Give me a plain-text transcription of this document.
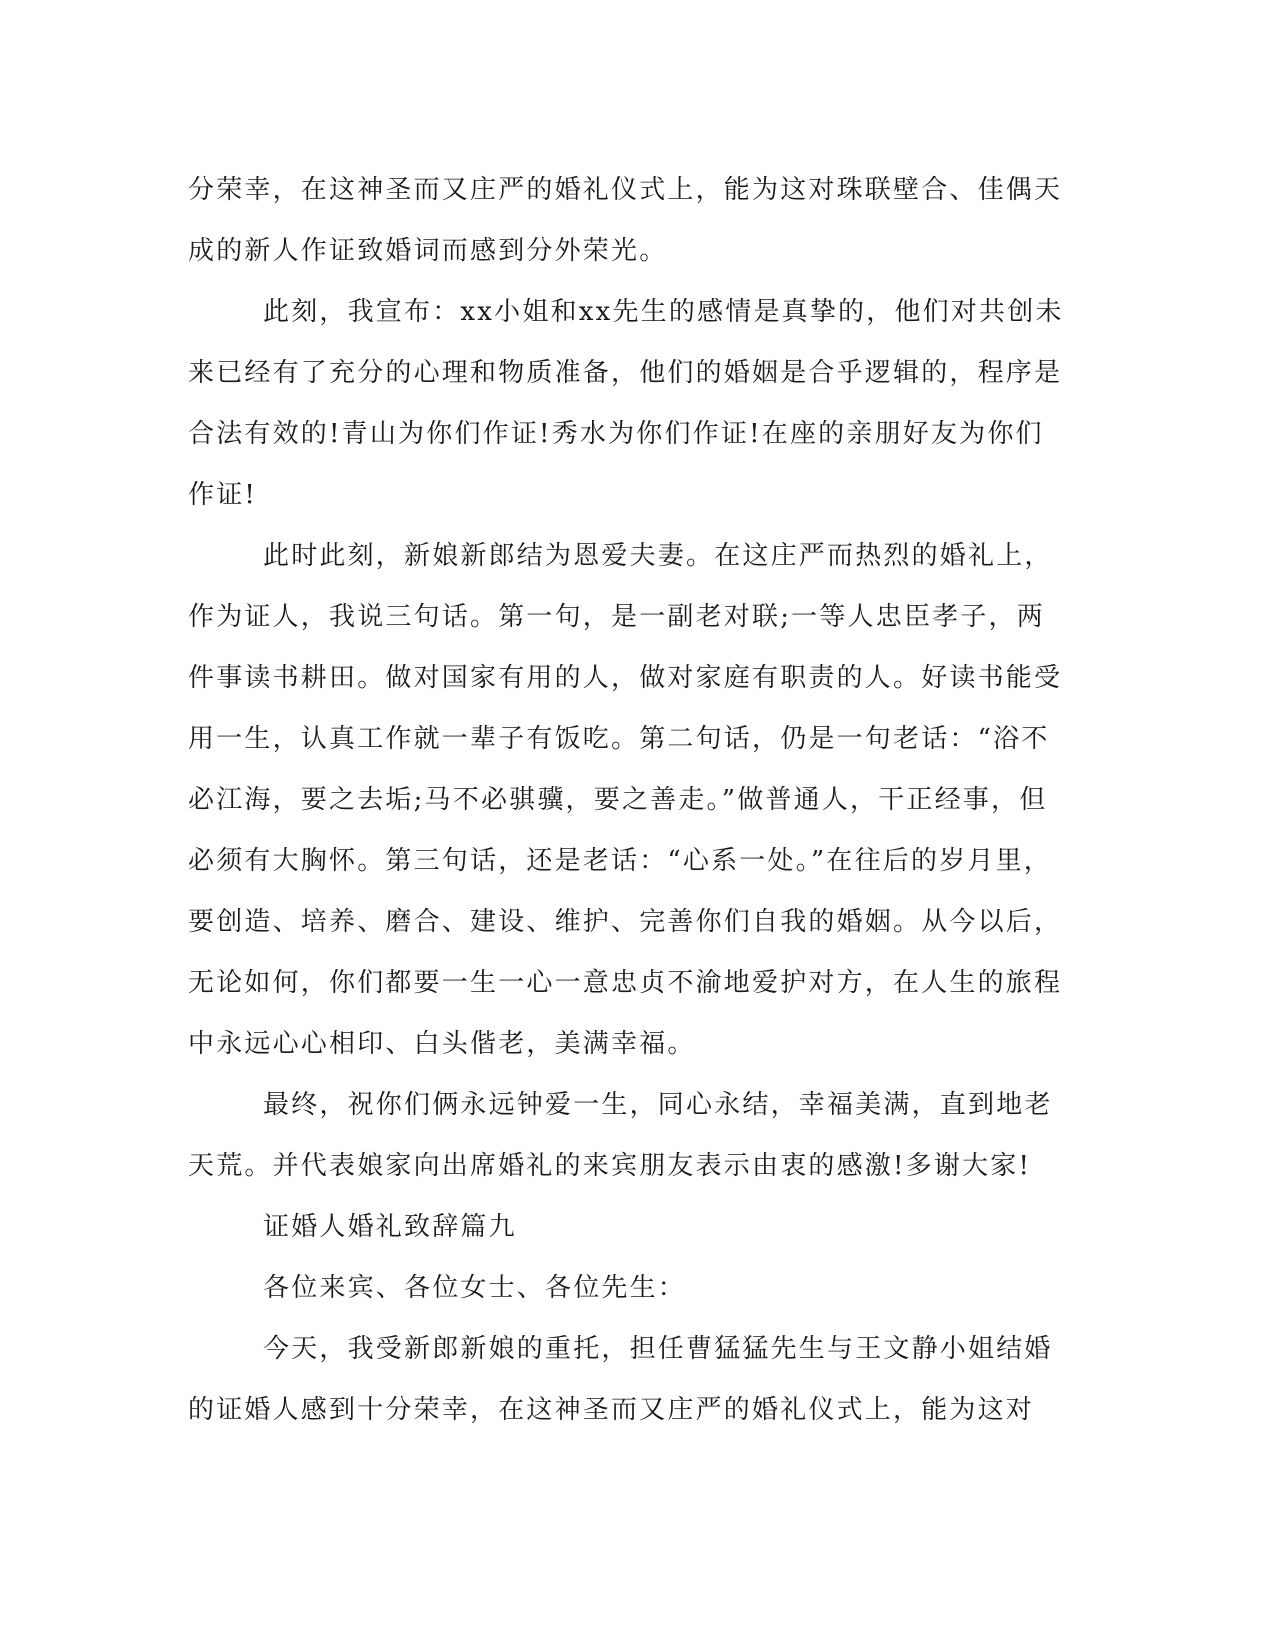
分荣幸，在这神圣而又庄严的婚礼仪式上，能为这对珠联壁合、佳偶天成的新人作证致婚词而感到分外荣光。

此刻，我宣布：xx小姐和xx先生的感情是真挚的，他们对共创未来已经有了充分的心理和物质准备，他们的婚姻是合乎逻辑的，程序是合法有效的!青山为你们作证!秀水为你们作证!在座的亲朋好友为你们作证!

此时此刻，新娘新郎结为恩爱夫妻。在这庄严而热烈的婚礼上，作为证人，我说三句话。第一句，是一副老对联;一等人忠臣孝子，两件事读书耕田。做对国家有用的人，做对家庭有职责的人。好读书能受用一生，认真工作就一辈子有饭吃。第二句话，仍是一句老话：“浴不必江海，要之去垢;马不必骐骥，要之善走。”做普通人，干正经事，但必须有大胸怀。第三句话，还是老话：“心系一处。”在往后的岁月里，要创造、培养、磨合、建设、维护、完善你们自我的婚姻。从今以后，无论如何，你们都要一生一心一意忠贞不渝地爱护对方，在人生的旅程中永远心心相印、白头偕老，美满幸福。

最终，祝你们俩永远钟爱一生，同心永结，幸福美满，直到地老天荒。并代表娘家向出席婚礼的来宾朋友表示由衷的感激!多谢大家!

证婚人婚礼致辞篇九

各位来宾、各位女士、各位先生：

今天，我受新郎新娘的重托，担任曹猛猛先生与王文静小姐结婚的证婚人感到十分荣幸，在这神圣而又庄严的婚礼仪式上，能为这对
